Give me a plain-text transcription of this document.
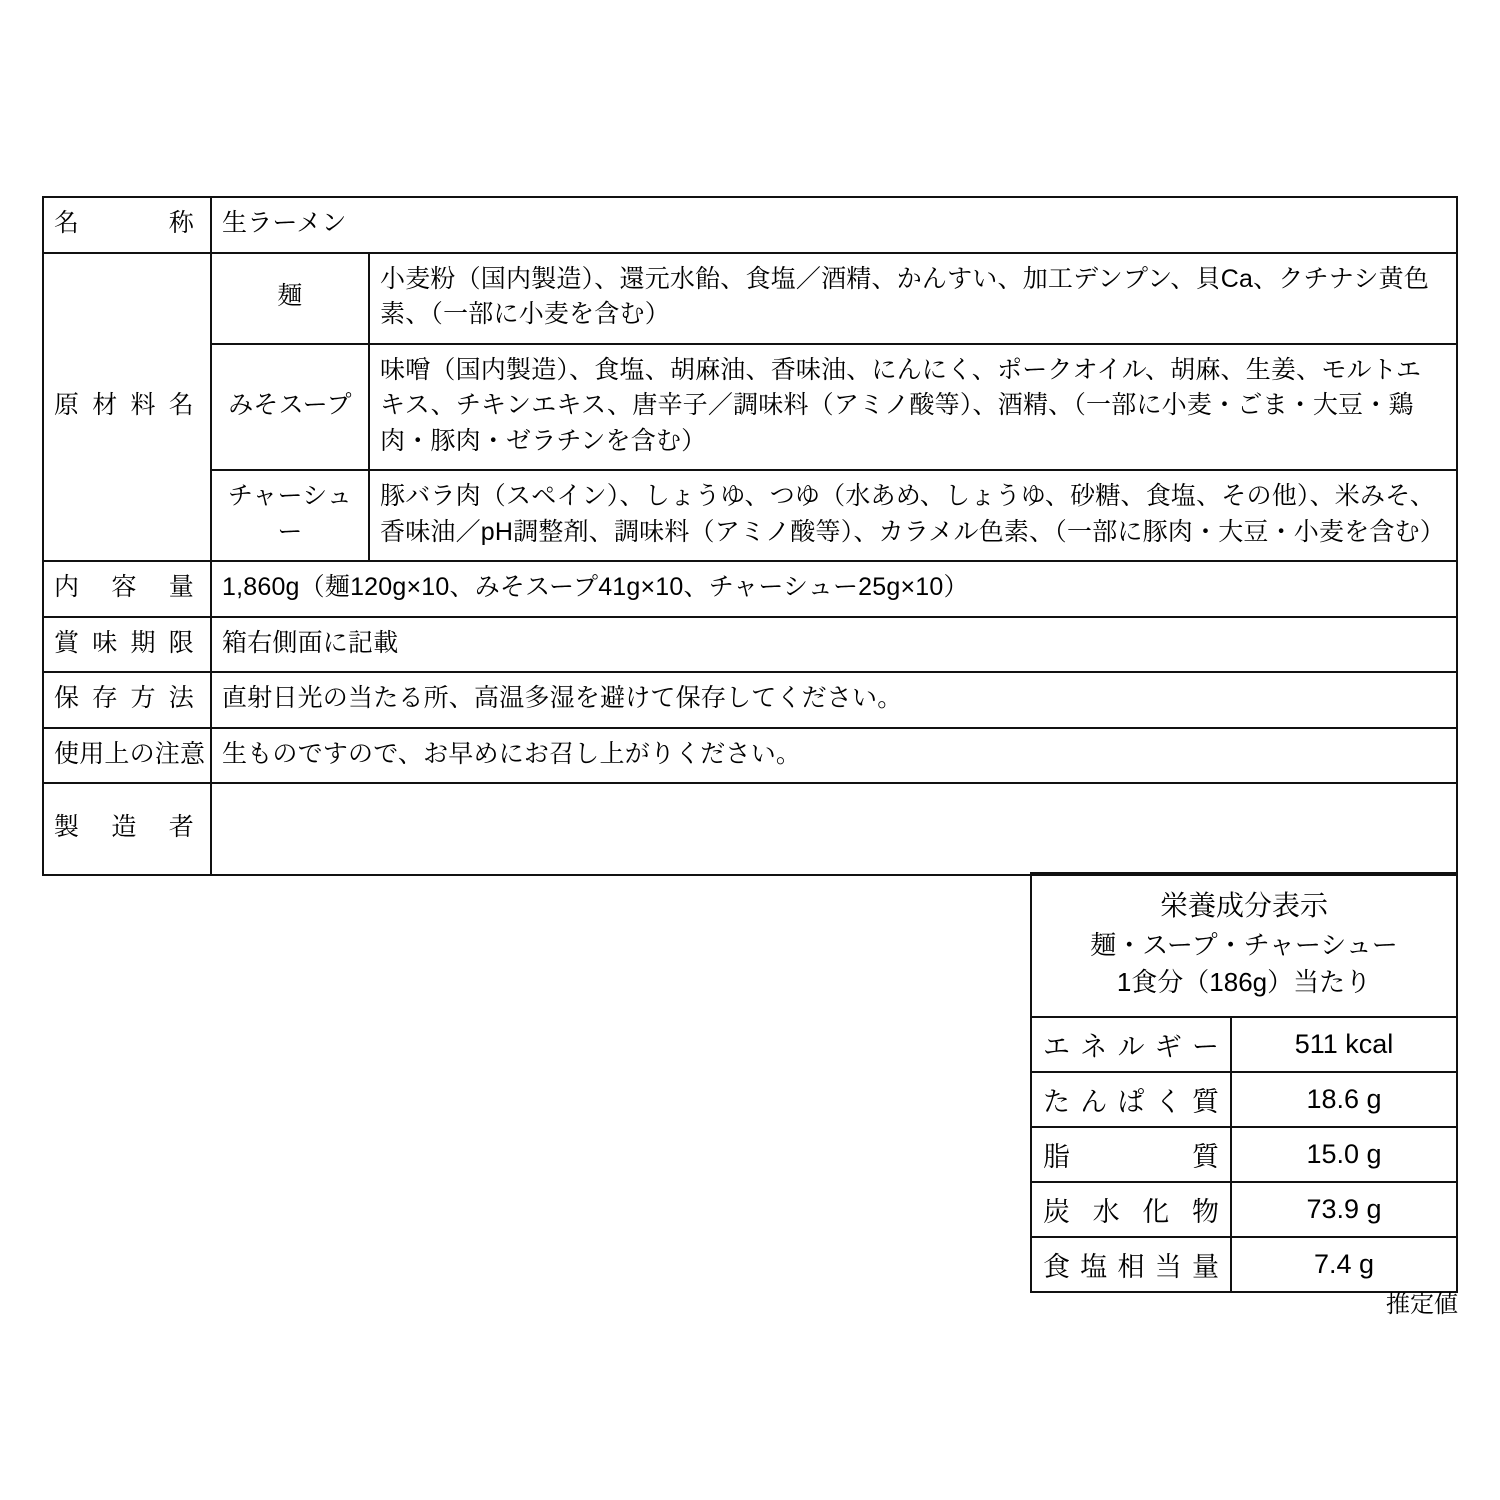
名　　称	生ラーメン	

原材料名	麺	小麦粉（国内製造）、還元水飴、食塩／酒精、かんすい、加工デンプン、貝Ca、クチナシ黄色素、（一部に小麦を含む）
	みそスープ	味噌（国内製造）、食塩、胡麻油、香味油、にんにく、ポークオイル、胡麻、生姜、モルトエキス、チキンエキス、唐辛子／調味料（アミノ酸等）、酒精、（一部に小麦・ごま・大豆・鶏肉・豚肉・ゼラチンを含む）
	チャーシュー	豚バラ肉（スペイン）、しょうゆ、つゆ（水あめ、しょうゆ、砂糖、食塩、その他）、米みそ、香味油／pH調整剤、調味料（アミノ酸等）、カラメル色素、（一部に豚肉・大豆・小麦を含む）

内　容　量	1,860g（麺120g×10、みそスープ41g×10、チャーシュー25g×10）	

賞 味 期 限	箱右側面に記載	

保 存 方 法	直射日光の当たる所、高温多湿を避けて保存してください。	

使用上の注意	生ものですので、お早めにお召し上がりください。	

製　造　者		

栄養成分表示
麺・スープ・チャーシュー
1食分（186g）当たり	

エネルギー	511 kcal

たんぱく質	18.6 g

脂　　質	15.0 g

炭水化物	73.9 g

食塩相当量	7.4 g
推定値
